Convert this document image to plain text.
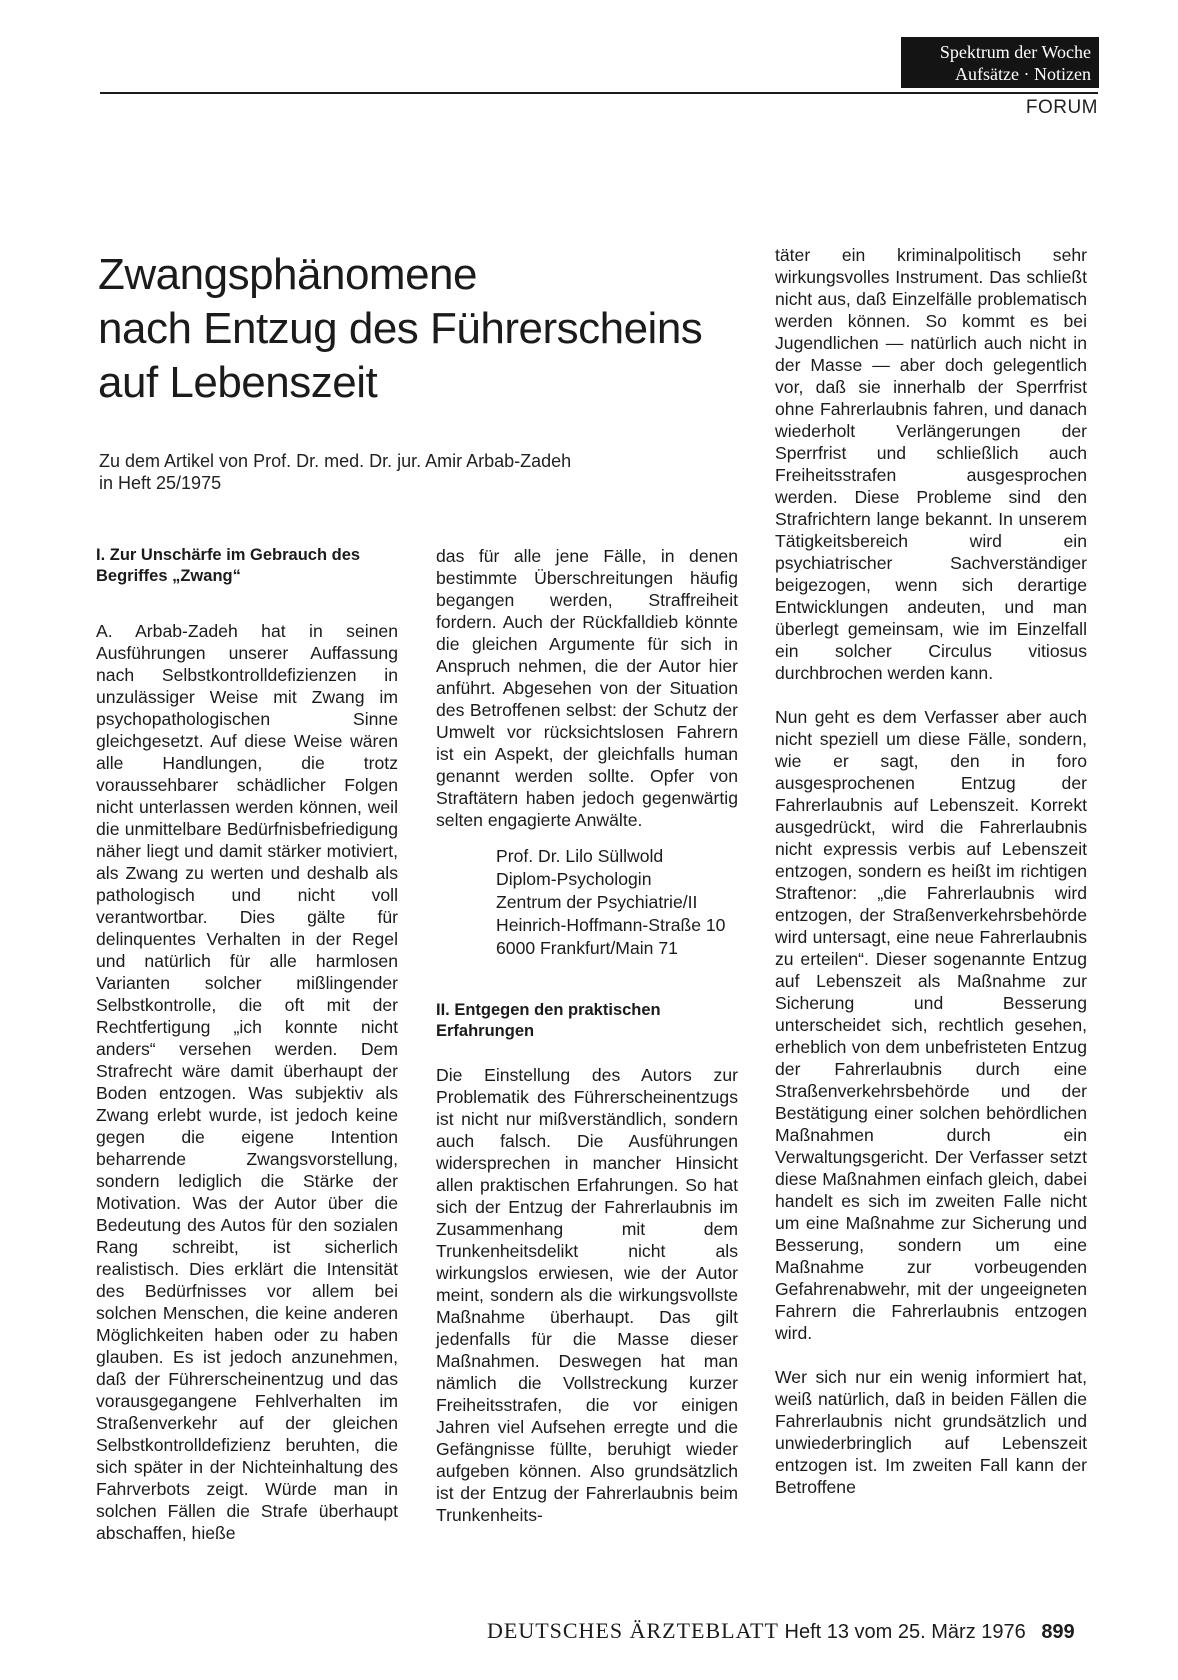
Spektrum der Woche
Aufsätze · Notizen
FORUM
Zwangsphänomene
nach Entzug des Führerscheins
auf Lebenszeit
Zu dem Artikel von Prof. Dr. med. Dr. jur. Amir Arbab-Zadeh
in Heft 25/1975

I. Zur Unschärfe im Gebrauch des Begriffes „Zwang“

A. Arbab-Zadeh hat in seinen Ausführungen unserer Auffassung nach Selbstkontrolldefizienzen in unzulässiger Weise mit Zwang im psychopathologischen Sinne gleichgesetzt. Auf diese Weise wären alle Handlungen, die trotz voraussehbarer schädlicher Folgen nicht unterlassen werden können, weil die unmittelbare Bedürfnisbefriedigung näher liegt und damit stärker motiviert, als Zwang zu werten und deshalb als pathologisch und nicht voll verantwortbar. Dies gälte für delinquentes Verhalten in der Regel und natürlich für alle harmlosen Varianten solcher mißlingender Selbstkontrolle, die oft mit der Rechtfertigung „ich konnte nicht anders“ versehen werden. Dem Strafrecht wäre damit überhaupt der Boden entzogen. Was subjektiv als Zwang erlebt wurde, ist jedoch keine gegen die eigene Intention beharrende Zwangsvorstellung, sondern lediglich die Stärke der Motivation. Was der Autor über die Bedeutung des Autos für den sozialen Rang schreibt, ist sicherlich realistisch. Dies erklärt die Intensität des Bedürfnisses vor allem bei solchen Menschen, die keine anderen Möglichkeiten haben oder zu haben glauben. Es ist jedoch anzunehmen, daß der Führerscheinentzug und das vorausgegangene Fehlverhalten im Straßenverkehr auf der gleichen Selbstkontrolldefizienz beruhten, die sich später in der Nichteinhaltung des Fahrverbots zeigt. Würde man in solchen Fällen die Strafe überhaupt abschaffen, hieße

das für alle jene Fälle, in denen bestimmte Überschreitungen häufig begangen werden, Straffreiheit fordern. Auch der Rückfalldieb könnte die gleichen Argumente für sich in Anspruch nehmen, die der Autor hier anführt. Abgesehen von der Situation des Betroffenen selbst: der Schutz der Umwelt vor rücksichtslosen Fahrern ist ein Aspekt, der gleichfalls human genannt werden sollte. Opfer von Straftätern haben jedoch gegenwärtig selten engagierte Anwälte.

Prof. Dr. Lilo Süllwold
Diplom-Psychologin
Zentrum der Psychiatrie/II
Heinrich-Hoffmann-Straße 10
6000 Frankfurt/Main 71

II. Entgegen den praktischen Erfahrungen

Die Einstellung des Autors zur Problematik des Führerscheinentzugs ist nicht nur mißverständlich, sondern auch falsch. Die Ausführungen widersprechen in mancher Hinsicht allen praktischen Erfahrungen. So hat sich der Entzug der Fahrerlaubnis im Zusammenhang mit dem Trunkenheitsdelikt nicht als wirkungslos erwiesen, wie der Autor meint, sondern als die wirkungsvollste Maßnahme überhaupt. Das gilt jedenfalls für die Masse dieser Maßnahmen. Deswegen hat man nämlich die Vollstreckung kurzer Freiheitsstrafen, die vor einigen Jahren viel Aufsehen erregte und die Gefängnisse füllte, beruhigt wieder aufgeben können. Also grundsätzlich ist der Entzug der Fahrerlaubnis beim Trunkenheits-

täter ein kriminalpolitisch sehr wirkungsvolles Instrument. Das schließt nicht aus, daß Einzelfälle problematisch werden können. So kommt es bei Jugendlichen — natürlich auch nicht in der Masse — aber doch gelegentlich vor, daß sie innerhalb der Sperrfrist ohne Fahrerlaubnis fahren, und danach wiederholt Verlängerungen der Sperrfrist und schließlich auch Freiheitsstrafen ausgesprochen werden. Diese Probleme sind den Strafrichtern lange bekannt. In unserem Tätigkeitsbereich wird ein psychiatrischer Sachverständiger beigezogen, wenn sich derartige Entwicklungen andeuten, und man überlegt gemeinsam, wie im Einzelfall ein solcher Circulus vitiosus durchbrochen werden kann.

Nun geht es dem Verfasser aber auch nicht speziell um diese Fälle, sondern, wie er sagt, den in foro ausgesprochenen Entzug der Fahrerlaubnis auf Lebenszeit. Korrekt ausgedrückt, wird die Fahrerlaubnis nicht expressis verbis auf Lebenszeit entzogen, sondern es heißt im richtigen Straftenor: „die Fahrerlaubnis wird entzogen, der Straßenverkehrsbehörde wird untersagt, eine neue Fahrerlaubnis zu erteilen“. Dieser sogenannte Entzug auf Lebenszeit als Maßnahme zur Sicherung und Besserung unterscheidet sich, rechtlich gesehen, erheblich von dem unbefristeten Entzug der Fahrerlaubnis durch eine Straßenverkehrsbehörde und der Bestätigung einer solchen behördlichen Maßnahmen durch ein Verwaltungsgericht. Der Verfasser setzt diese Maßnahmen einfach gleich, dabei handelt es sich im zweiten Falle nicht um eine Maßnahme zur Sicherung und Besserung, sondern um eine Maßnahme zur vorbeugenden Gefahrenabwehr, mit der ungeeigneten Fahrern die Fahrerlaubnis entzogen wird.

Wer sich nur ein wenig informiert hat, weiß natürlich, daß in beiden Fällen die Fahrerlaubnis nicht grundsätzlich und unwiederbringlich auf Lebenszeit entzogen ist. Im zweiten Fall kann der Betroffene

DEUTSCHES ÄRZTEBLATT Heft 13 vom 25. März 1976 899
